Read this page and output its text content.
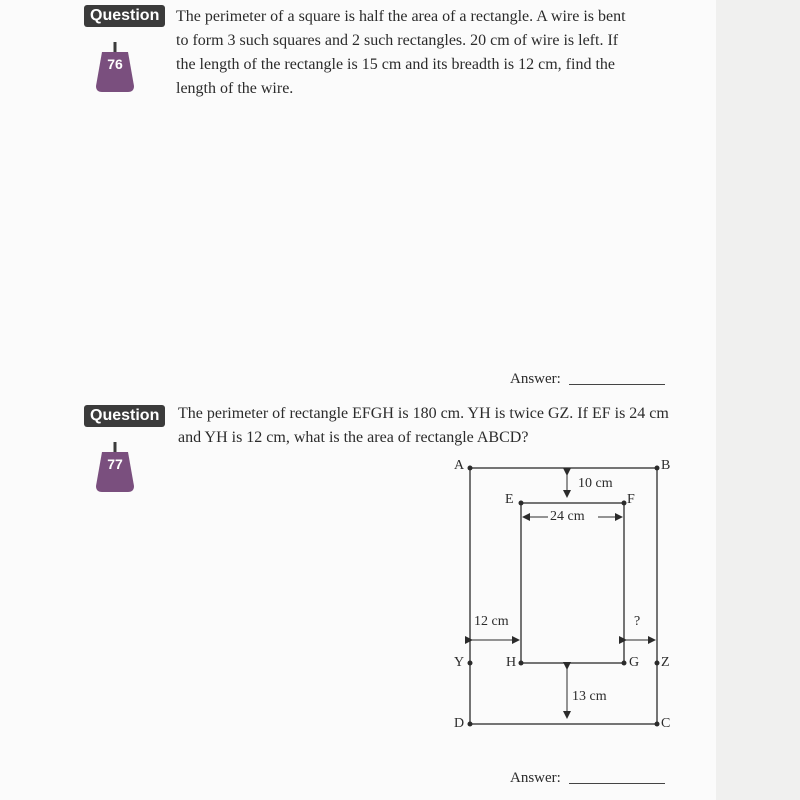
Question
76
The perimeter of a square is half the area of a rectangle. A wire is bent
to form 3 such squares and 2 such rectangles. 20 cm of wire is left. If
the length of the rectangle is 15 cm and its breadth is 12 cm, find the
length of the wire.
Answer:
Question
77
The perimeter of rectangle EFGH is 180 cm. YH is twice GZ. If EF is 24 cm
and YH is 12 cm, what is the area of rectangle ABCD?
A	B
C
D
E	F
G
H
Y	Z
10 cm
24 cm
12 cm	?
13 cm
Answer:
